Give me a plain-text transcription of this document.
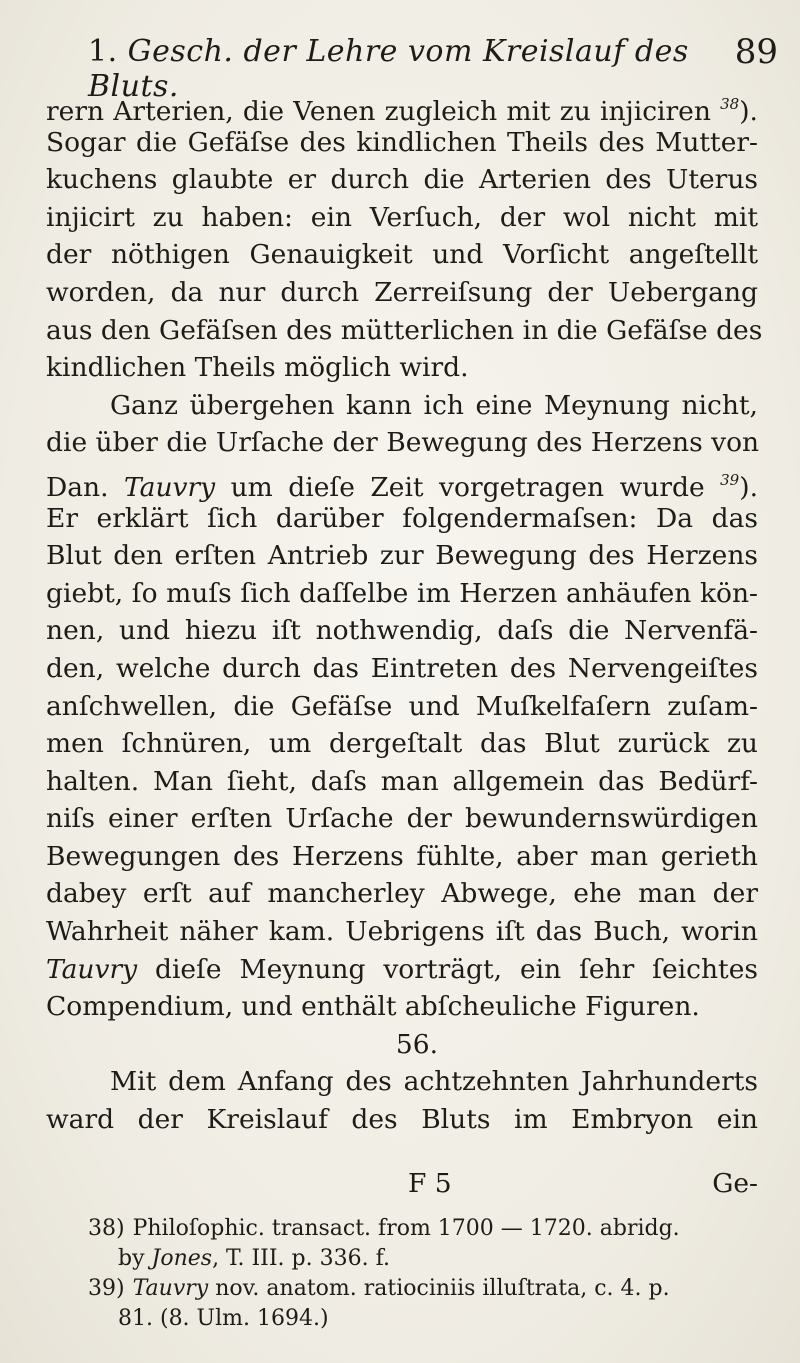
1. Gesch. der Lehre vom Kreislauf des Bluts.
89
rern Arterien, die Venen zugleich mit zu injiciren $^{38}$).
Sogar die Gefäſse des kindlichen Theils des Mutter-
kuchens glaubte er durch die Arterien des Uterus
injicirt zu haben: ein Verſuch, der wol nicht mit
der nöthigen Genauigkeit und Vorſicht angeſtellt
worden, da nur durch Zerreiſsung der Uebergang
aus den Gefäſsen des mütterlichen in die Gefäſse des
kindlichen Theils möglich wird.
Ganz übergehen kann ich eine Meynung nicht,
die über die Urſache der Bewegung des Herzens von
Dan. Tauvry um dieſe Zeit vorgetragen wurde $^{39}$).
Er erklärt ſich darüber folgendermaſsen: Da das
Blut den erſten Antrieb zur Bewegung des Herzens
giebt, ſo muſs ſich daſſelbe im Herzen anhäufen kön-
nen, und hiezu iſt nothwendig, daſs die Nervenfä-
den, welche durch das Eintreten des Nervengeiſtes
anſchwellen, die Gefäſse und Muſkelfaſern zuſam-
men ſchnüren, um dergeſtalt das Blut zurück zu
halten. Man ſieht, daſs man allgemein das Bedürf-
niſs einer erſten Urſache der bewundernswürdigen
Bewegungen des Herzens fühlte, aber man gerieth
dabey erſt auf mancherley Abwege, ehe man der
Wahrheit näher kam. Uebrigens iſt das Buch, worin
Tauvry dieſe Meynung vorträgt, ein ſehr ſeichtes
Compendium, und enthält abſcheuliche Figuren.
56.
Mit dem Anfang des achtzehnten Jahrhunderts
ward der Kreislauf des Bluts im Embryon ein
F 5	Ge-
38) Philoſophic. transact. from 1700 — 1720. abridg.
by Jones, T. III. p. 336. f.
39) Tauvry nov. anatom. ratiociniis illuſtrata, c. 4. p.
81. (8. Ulm. 1694.)
